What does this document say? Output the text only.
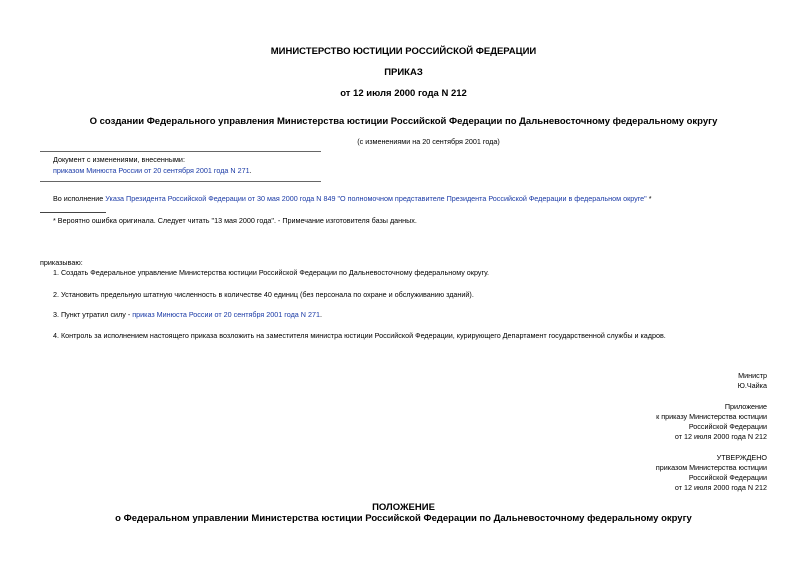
МИНИСТЕРСТВО ЮСТИЦИИ РОССИЙСКОЙ ФЕДЕРАЦИИ
ПРИКАЗ
от 12 июля 2000 года N 212
О создании Федерального управления Министерства юстиции Российской Федерации по Дальневосточному федеральному округу
(с изменениями на 20 сентября 2001 года)
Документ с изменениями, внесенными:
приказом Минюста России от 20 сентября 2001 года N 271.
Во исполнение Указа Президента Российской Федерации от 30 мая 2000 года N 849 "О полномочном представителе Президента Российской Федерации в федеральном округе" *
* Вероятно ошибка оригинала. Следует читать "13 мая 2000 года". - Примечание изготовителя базы данных.
приказываю:
1. Создать Федеральное управление Министерства юстиции Российской Федерации по Дальневосточному федеральному округу.
2. Установить предельную штатную численность в количестве 40 единиц (без персонала по охране и обслуживанию зданий).
3. Пункт утратил силу - приказ Минюста России от 20 сентября 2001 года N 271.
4. Контроль за исполнением настоящего приказа возложить на заместителя министра юстиции Российской Федерации, курирующего Департамент государственной службы и кадров.
Министр
Ю.Чайка
Приложение
к приказу Министерства юстиции
Российской Федерации
от 12 июля 2000 года N 212
УТВЕРЖДЕНО
приказом Министерства юстиции
Российской Федерации
от 12 июля 2000 года N 212
ПОЛОЖЕНИЕ
о Федеральном управлении Министерства юстиции Российской Федерации по Дальневосточному федеральному округу
